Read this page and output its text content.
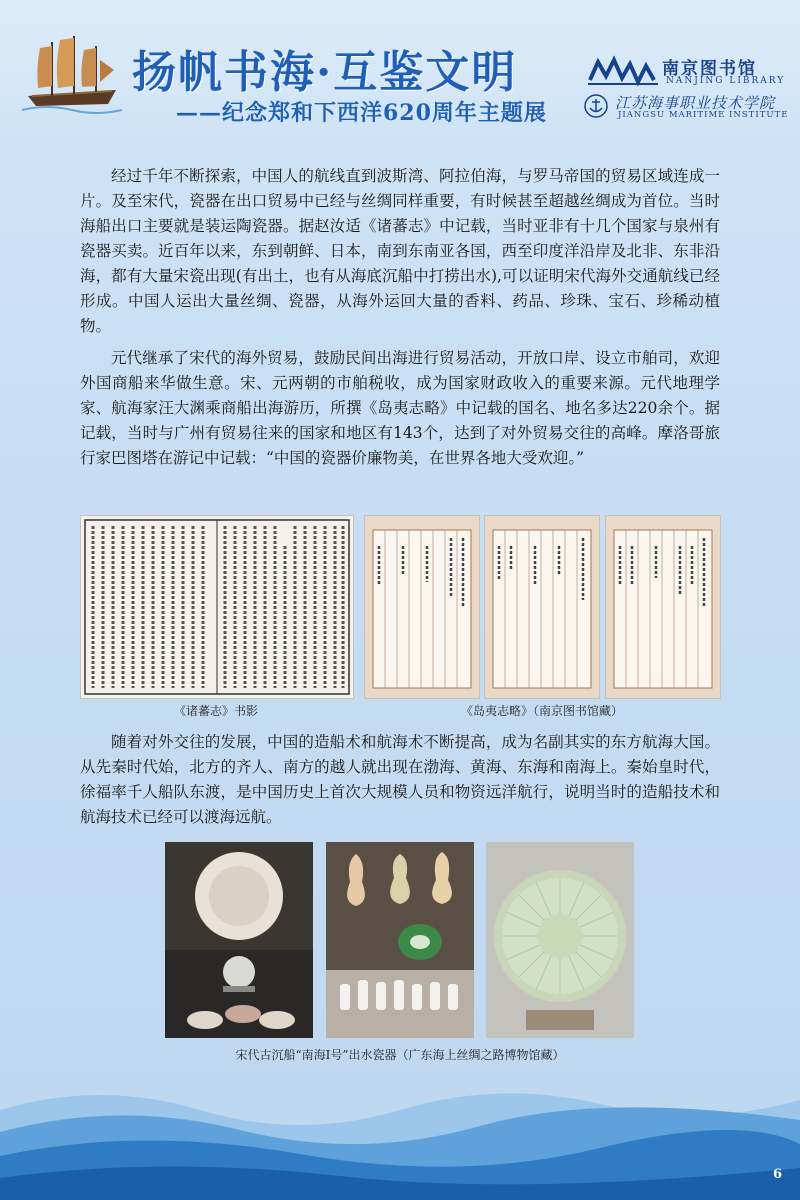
扬帆书海·互鉴文明
——纪念郑和下西洋620周年主题展
南京图书馆
NANJING LIBRARY
江苏海事职业技术学院
JIANGSU MARITIME INSTITUTE

经过千年不断探索，中国人的航线直到波斯湾、阿拉伯海，与罗马帝国的贸易区域连成一片。及至宋代，瓷器在出口贸易中已经与丝绸同样重要，有时候甚至超越丝绸成为首位。当时海船出口主要就是装运陶瓷器。据赵汝适《诸蕃志》中记载，当时亚非有十几个国家与泉州有瓷器买卖。近百年以来，东到朝鲜、日本，南到东南亚各国，西至印度洋沿岸及北非、东非沿海，都有大量宋瓷出现(有出土，也有从海底沉船中打捞出水),可以证明宋代海外交通航线已经形成。中国人运出大量丝绸、瓷器，从海外运回大量的香料、药品、珍珠、宝石、珍稀动植物。

元代继承了宋代的海外贸易，鼓励民间出海进行贸易活动，开放口岸、设立市舶司，欢迎外国商船来华做生意。宋、元两朝的市舶税收，成为国家财政收入的重要来源。元代地理学家、航海家汪大渊乘商船出海游历，所撰《岛夷志略》中记载的国名、地名多达220余个。据记载，当时与广州有贸易往来的国家和地区有143个，达到了对外贸易交往的高峰。摩洛哥旅行家巴图塔在游记中记载：“中国的瓷器价廉物美，在世界各地大受欢迎。”

《诸蕃志》书影	《岛夷志略》（南京图书馆藏）

随着对外交往的发展，中国的造船术和航海术不断提高，成为名副其实的东方航海大国。从先秦时代始，北方的齐人、南方的越人就出现在渤海、黄海、东海和南海上。秦始皇时代，徐福率千人船队东渡，是中国历史上首次大规模人员和物资远洋航行，说明当时的造船技术和航海技术已经可以渡海远航。

宋代古沉船“南海Ⅰ号”出水瓷器（广东海上丝绸之路博物馆藏）
6
